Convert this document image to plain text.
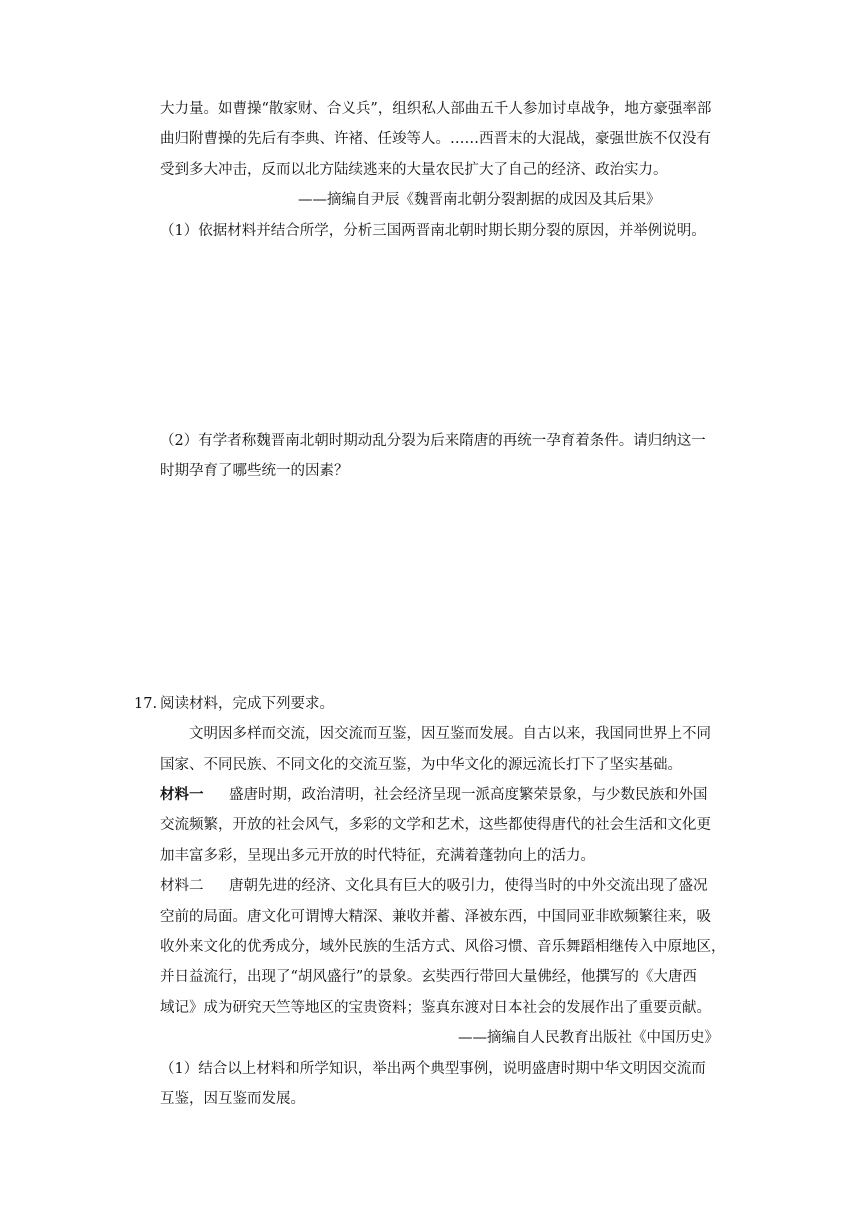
大力量。如曹操“散家财、合义兵”，组织私人部曲五千人参加讨卓战争，地方豪强率部
曲归附曹操的先后有李典、许褚、任竣等人。……西晋末的大混战，豪强世族不仅没有
受到多大冲击，反而以北方陆续逃来的大量农民扩大了自己的经济、政治实力。
——摘编自尹辰《魏晋南北朝分裂割据的成因及其后果》
（1）依据材料并结合所学，分析三国两晋南北朝时期长期分裂的原因，并举例说明。
（2）有学者称魏晋南北朝时期动乱分裂为后来隋唐的再统一孕育着条件。请归纳这一
时期孕育了哪些统一的因素？
17. 阅读材料，完成下列要求。
文明因多样而交流，因交流而互鉴，因互鉴而发展。自古以来，我国同世界上不同
国家、不同民族、不同文化的交流互鉴，为中华文化的源远流长打下了坚实基础。
材料一 盛唐时期，政治清明，社会经济呈现一派高度繁荣景象，与少数民族和外国
交流频繁，开放的社会风气，多彩的文学和艺术，这些都使得唐代的社会生活和文化更
加丰富多彩，呈现出多元开放的时代特征，充满着蓬勃向上的活力。
材料二 唐朝先进的经济、文化具有巨大的吸引力，使得当时的中外交流出现了盛况
空前的局面。唐文化可谓博大精深、兼收并蓄、泽被东西，中国同亚非欧频繁往来，吸
收外来文化的优秀成分，域外民族的生活方式、风俗习惯、音乐舞蹈相继传入中原地区，
并日益流行，出现了“胡风盛行”的景象。玄奘西行带回大量佛经，他撰写的《大唐西
域记》成为研究天竺等地区的宝贵资料；鉴真东渡对日本社会的发展作出了重要贡献。
——摘编自人民教育出版社《中国历史》
（1）结合以上材料和所学知识，举出两个典型事例，说明盛唐时期中华文明因交流而
互鉴，因互鉴而发展。
